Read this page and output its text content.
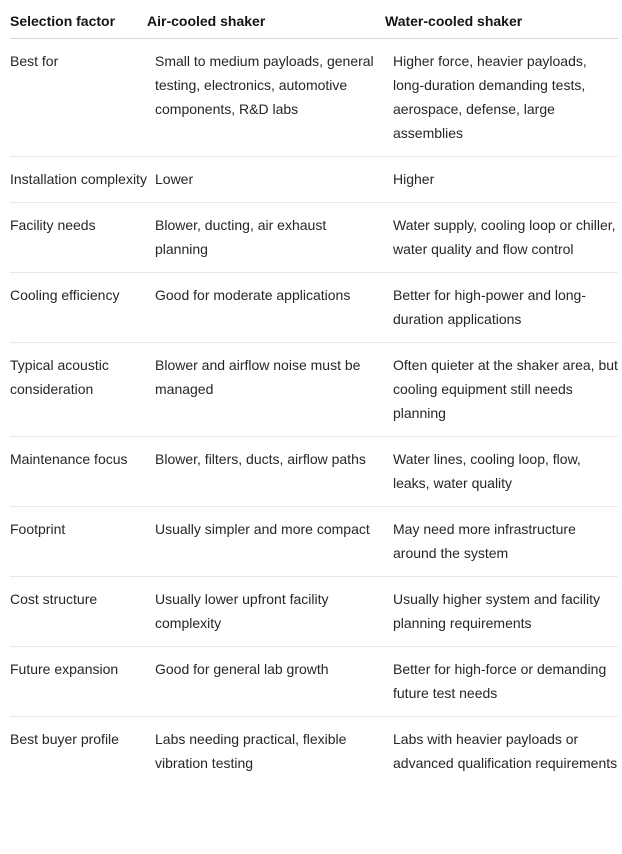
Selection factor	Air-cooled shaker	Water-cooled shaker
Best for	Small to medium payloads, general testing, electronics, automotive components, R&D labs	Higher force, heavier payloads, long-duration demanding tests, aerospace, defense, large assemblies
Installation complexity	Lower	Higher
Facility needs	Blower, ducting, air exhaust planning	Water supply, cooling loop or chiller, water quality and flow control
Cooling efficiency	Good for moderate applications	Better for high-power and long-duration applications
Typical acoustic consideration	Blower and airflow noise must be managed	Often quieter at the shaker area, but cooling equipment still needs planning
Maintenance focus	Blower, filters, ducts, airflow paths	Water lines, cooling loop, flow, leaks, water quality
Footprint	Usually simpler and more compact	May need more infrastructure around the system
Cost structure	Usually lower upfront facility complexity	Usually higher system and facility planning requirements
Future expansion	Good for general lab growth	Better for high-force or demanding future test needs
Best buyer profile	Labs needing practical, flexible vibration testing	Labs with heavier payloads or advanced qualification requirements
